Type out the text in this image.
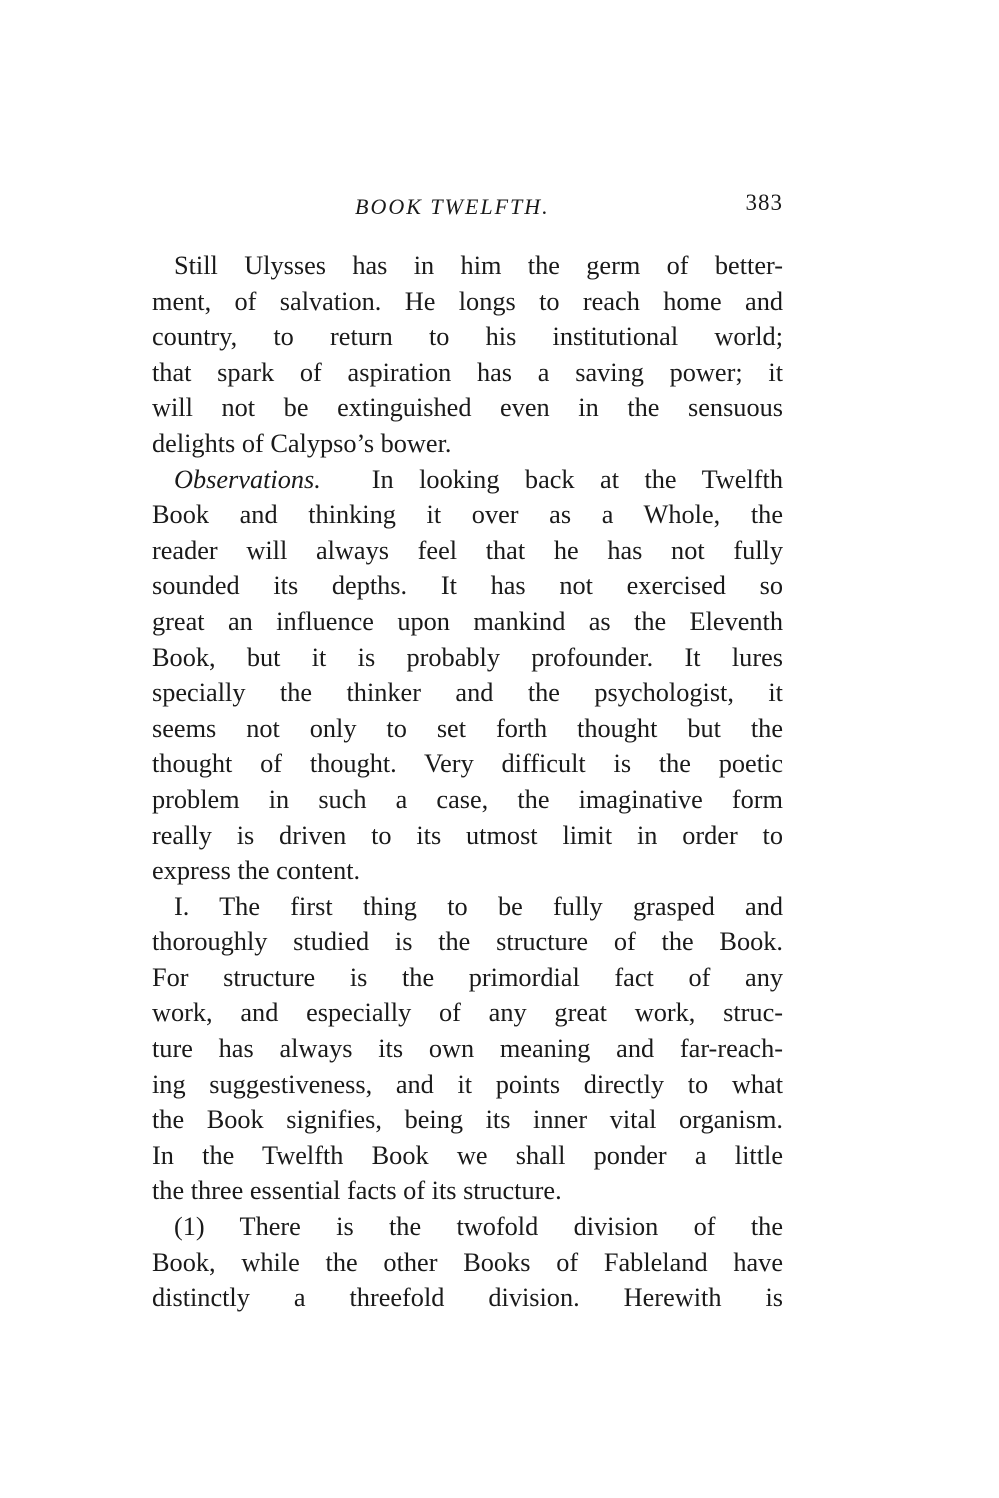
BOOK TWELFTH.	383
Still Ulysses has in him the germ of better-
ment, of salvation. He longs to reach home and
country, to return to his institutional world;
that spark of aspiration has a saving power; it
will not be extinguished even in the sensuous
delights of Calypso’s bower.
Observations. In looking back at the Twelfth
Book and thinking it over as a Whole, the
reader will always feel that he has not fully
sounded its depths. It has not exercised so
great an influence upon mankind as the Eleventh
Book, but it is probably profounder. It lures
specially the thinker and the psychologist, it
seems not only to set forth thought but the
thought of thought. Very difficult is the poetic
problem in such a case, the imaginative form
really is driven to its utmost limit in order to
express the content.
I. The first thing to be fully grasped and
thoroughly studied is the structure of the Book.
For structure is the primordial fact of any
work, and especially of any great work, struc-
ture has always its own meaning and far-reach-
ing suggestiveness, and it points directly to what
the Book signifies, being its inner vital organism.
In the Twelfth Book we shall ponder a little
the three essential facts of its structure.
(1) There is the twofold division of the
Book, while the other Books of Fableland have
distinctly a threefold division. Herewith is
